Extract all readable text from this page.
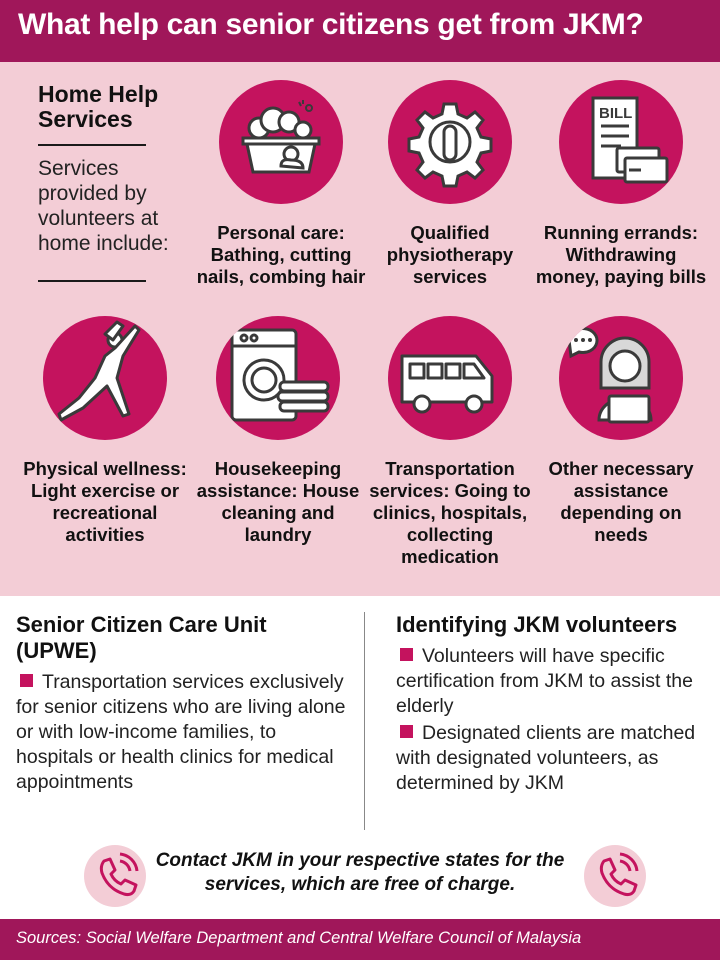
What help can senior citizens get from JKM?
Home Help Services
Services provided by volunteers at home include:	Personal care: Bathing, cutting nails, combing hair
Qualified physiotherapy services
BILL
Running errands: Withdrawing money, paying bills
Physical wellness: Light exercise or recreational activities
Housekeeping assistance: House cleaning and laundry
Transportation services: Going to clinics, hospitals, collecting medication
Other necessary assistance depending on needs
Senior Citizen Care Unit (UPWE)
Transportation services exclusively for senior citizens who are living alone or with low-income families, to hospitals or health clinics for medical appointments
Identifying JKM volunteers
Volunteers will have specific certification from JKM to assist the elderly
Designated clients are matched with designated volunteers, as determined by JKM
Contact JKM in your respective states for the services, which are free of charge.
Sources: Social Welfare Department and Central Welfare Council of Malaysia
